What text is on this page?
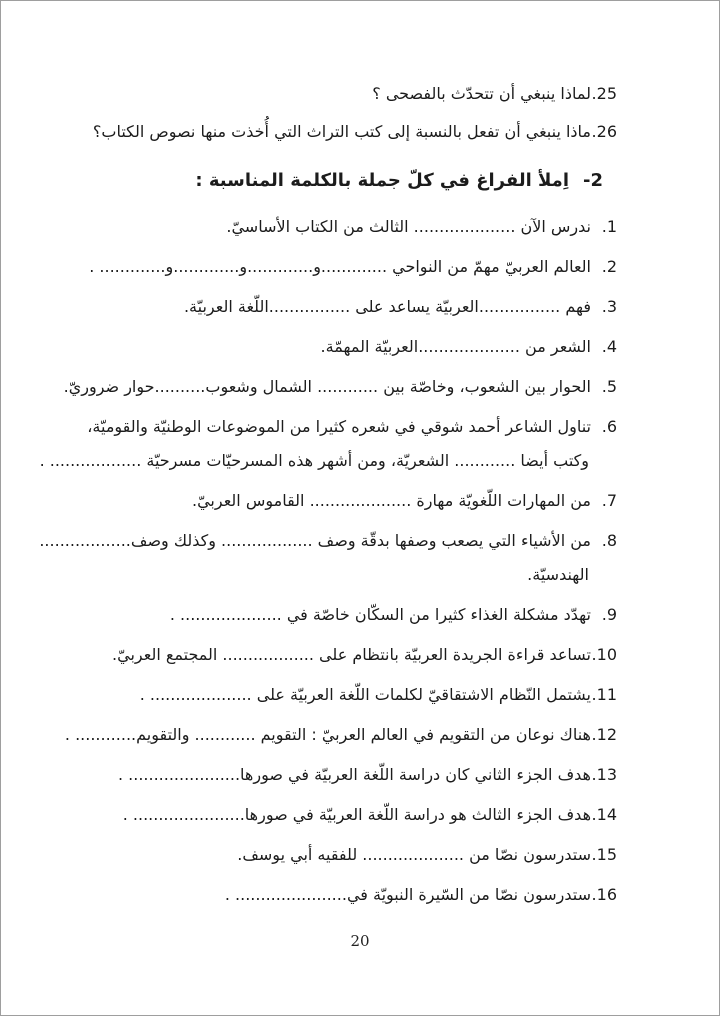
25.لماذا ينبغي أن تتحدّث بالفصحى ؟
26.ماذا ينبغي أن تفعل بالنسبة إلى كتب التراث التي أُخذت منها نصوص الكتاب؟
2-اِملأ الفراغ في كلّ جملة بالكلمة المناسبة :
1.ندرس الآن .................... الثالث من الكتاب الأساسيّ.
2.العالم العربيّ مهمّ من النواحي .............و.............و.............و............. .
3.فهم ................العربيّة يساعد على ................اللّغة العربيّة.
4.الشعر من ....................العربيّة المهمّة.
5.الحوار بين الشعوب، وخاصّة بين ............ الشمال وشعوب..........حوار ضروريّ.
6.تناول الشاعر أحمد شوقي في شعره كثيرا من الموضوعات الوطنيّة والقوميّة،
وكتب أيضا ............ الشعريّة، ومن أشهر هذه المسرحيّات مسرحيّة .................. .
7.من المهارات اللّغويّة مهارة .................... القاموس العربيّ.
8.من الأشياء التي يصعب وصفها بدقّة وصف .................. وكذلك وصف..................
الهندسيّة.
9.تهدّد مشكلة الغذاء كثيرا من السكّان خاصّة في .................... .
10.تساعد قراءة الجريدة العربيّة بانتظام على .................. المجتمع العربيّ.
11.يشتمل النّظام الاشتقاقيّ لكلمات اللّغة العربيّة على .................... .
12.هناك نوعان من التقويم في العالم العربيّ : التقويم ............ والتقويم............ .
13.هدف الجزء الثاني كان دراسة اللّغة العربيّة في صورها...................... .
14.هدف الجزء الثالث هو دراسة اللّغة العربيّة في صورها...................... .
15.ستدرسون نصّا من .................... للفقيه أبي يوسف.
16.ستدرسون نصّا من السّيرة النبويّة في...................... .
20
